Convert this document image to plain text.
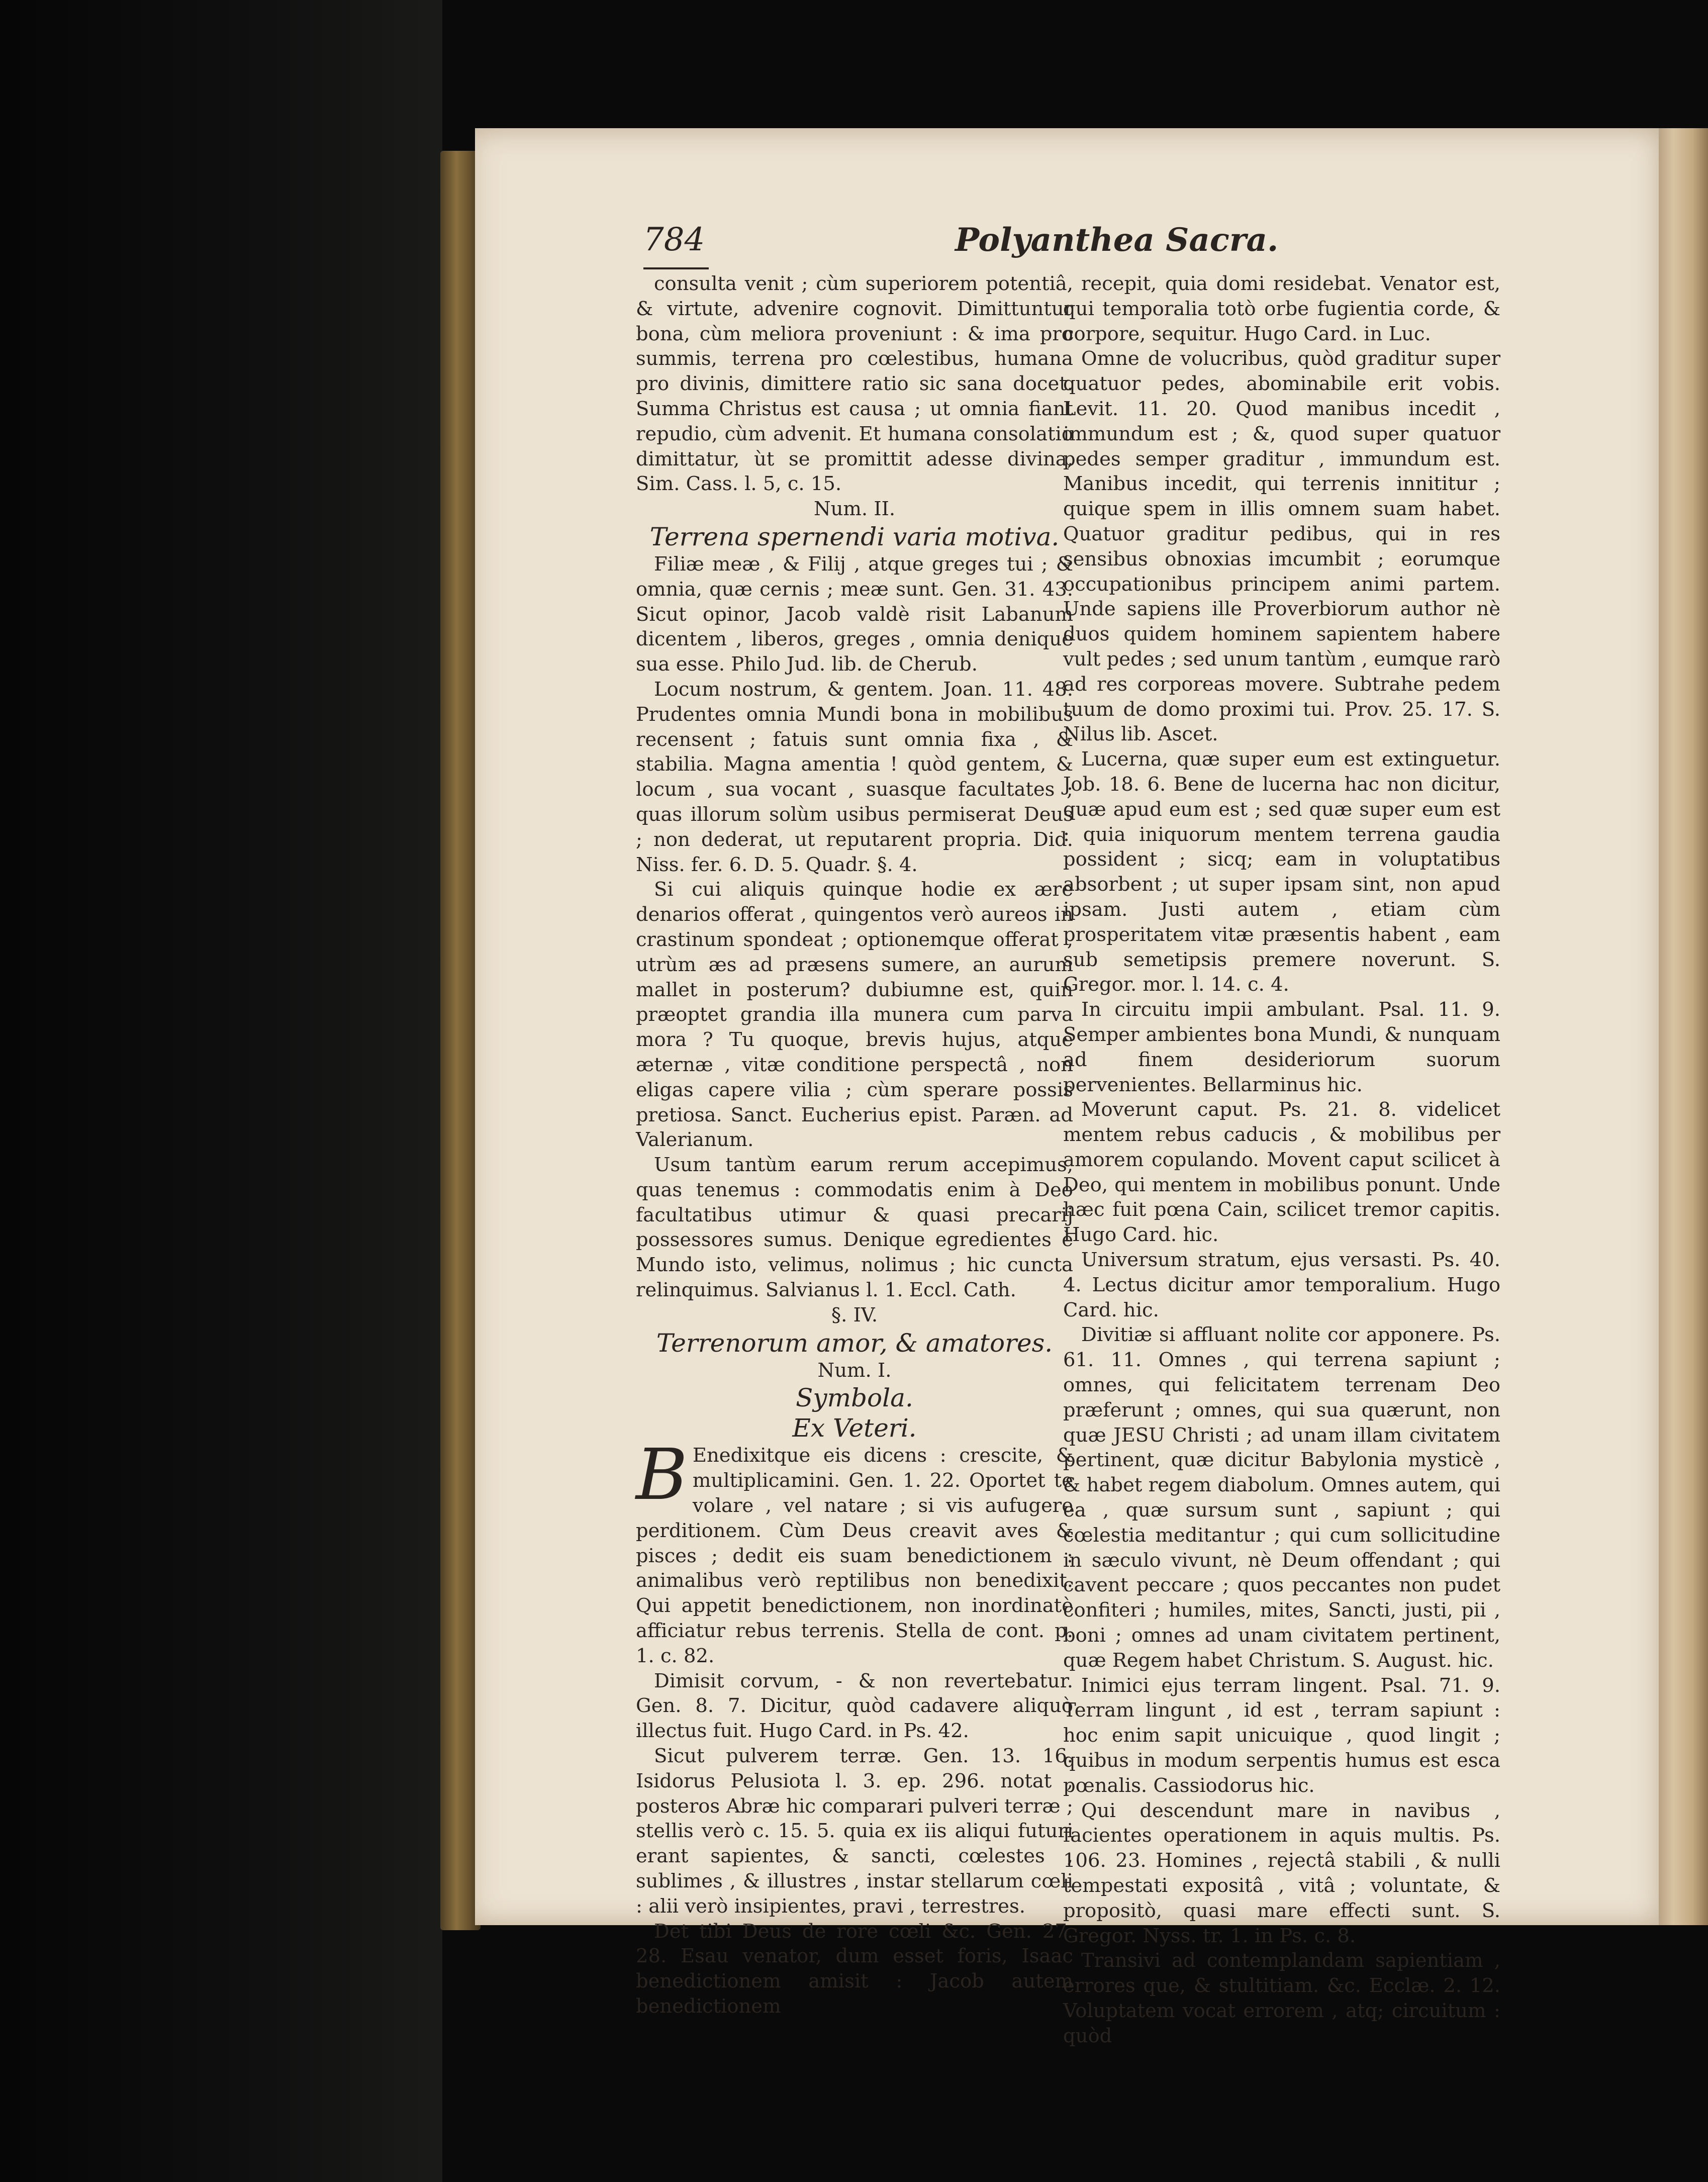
784	Polyanthea Sacra.

consulta venit ; cùm superiorem potentiâ, & virtute, advenire cognovit. Dimittuntur bona, cùm meliora proveniunt : & ima pro summis, terrena pro cœlestibus, humana pro divinis, dimittere ratio sic sana docet. Summa Christus est causa ; ut omnia fiant repudio, cùm advenit. Et humana consolatio dimittatur, ùt se promittit adesse divina, Sim. Cass. l. 5, c. 15.

Num. II.

Terrena spernendi varia motiva.

Filiæ meæ , & Filij , atque greges tui ; & omnia, quæ cernis ; meæ sunt. Gen. 31. 43. Sicut opinor, Jacob valdè risit Labanum dicentem , liberos, greges , omnia denique sua esse. Philo Jud. lib. de Cherub.

Locum nostrum, & gentem. Joan. 11. 48. Prudentes omnia Mundi bona in mobilibus recensent ; fatuis sunt omnia fixa , & stabilia. Magna amentia ! quòd gentem, & locum , sua vocant , suasque facultates ; quas illorum solùm usibus permiserat Deus ; non dederat, ut reputarent propria. Did. Niss. fer. 6. D. 5. Quadr. §. 4.

Si cui aliquis quinque hodie ex ære denarios offerat , quingentos verò aureos in crastinum spondeat ; optionemque offerat , utrùm æs ad præsens sumere, an aurum mallet in posterum? dubiumne est, quin præoptet grandia illa munera cum parva mora ? Tu quoque, brevis hujus, atque æternæ , vitæ conditione perspectâ , non eligas capere vilia ; cùm sperare possis pretiosa. Sanct. Eucherius epist. Paræn. ad Valerianum.

Usum tantùm earum rerum accepimus, quas tenemus : commodatis enim à Deo facultatibus utimur & quasi precarij possessores sumus. Denique egredientes è Mundo isto, velimus, nolimus ; hic cuncta relinquimus. Salvianus l. 1. Eccl. Cath.

§. IV.

Terrenorum amor, & amatores.

Num. I.

Symbola.

Ex Veteri.

B Enedixitque eis dicens : crescite, & multiplicamini. Gen. 1. 22. Oportet te volare , vel natare ; si vis aufugere perditionem. Cùm Deus creavit aves & pisces ; dedit eis suam benedictionem : animalibus verò reptilibus non benedixit. Qui appetit benedictionem, non inordinatè afficiatur rebus terrenis. Stella de cont. p. 1. c. 82.

Dimisit corvum, - & non revertebatur. Gen. 8. 7. Dicitur, quòd cadavere aliquò illectus fuit. Hugo Card. in Ps. 42.

Sicut pulverem terræ. Gen. 13. 16. Isidorus Pelusiota l. 3. ep. 296. notat , posteros Abræ hic comparari pulveri terræ ; stellis verò c. 15. 5. quia ex iis aliqui futuri erant sapientes, & sancti, cœlestes , sublimes , & illustres , instar stellarum cœli : alii verò insipientes, pravi , terrestres.

Det tibi Deus de rore cœli &c. Gen. 27. 28. Esau venator, dum esset foris, Isaac benedictionem amisit : Jacob autem benedictionem

recepit, quia domi residebat. Venator est, qui temporalia totò orbe fugientia corde, & corpore, sequitur. Hugo Card. in Luc.

Omne de volucribus, quòd graditur super quatuor pedes, abominabile erit vobis. Levit. 11. 20. Quod manibus incedit , immundum est ; &, quod super quatuor pedes semper graditur , immundum est. Manibus incedit, qui terrenis innititur ; quique spem in illis omnem suam habet. Quatuor graditur pedibus, qui in res sensibus obnoxias imcumbit ; eorumque occupationibus principem animi partem. Unde sapiens ille Proverbiorum author nè duos quidem hominem sapientem habere vult pedes ; sed unum tantùm , eumque rarò ad res corporeas movere. Subtrahe pedem tuum de domo proximi tui. Prov. 25. 17. S. Nilus lib. Ascet.

Lucerna, quæ super eum est extinguetur. Job. 18. 6. Bene de lucerna hac non dicitur, quæ apud eum est ; sed quæ super eum est : quia iniquorum mentem terrena gaudia possident ; sicq; eam in voluptatibus absorbent ; ut super ipsam sint, non apud ipsam. Justi autem , etiam cùm prosperitatem vitæ præsentis habent , eam sub semetipsis premere noverunt. S. Gregor. mor. l. 14. c. 4.

In circuitu impii ambulant. Psal. 11. 9. Semper ambientes bona Mundi, & nunquam ad finem desideriorum suorum pervenientes. Bellarminus hic.

Moverunt caput. Ps. 21. 8. videlicet mentem rebus caducis , & mobilibus per amorem copulando. Movent caput scilicet à Deo, qui mentem in mobilibus ponunt. Unde hæc fuit pœna Cain, scilicet tremor capitis. Hugo Card. hic.

Universum stratum, ejus versasti. Ps. 40. 4. Lectus dicitur amor temporalium. Hugo Card. hic.

Divitiæ si affluant nolite cor apponere. Ps. 61. 11. Omnes , qui terrena sapiunt ; omnes, qui felicitatem terrenam Deo præferunt ; omnes, qui sua quærunt, non quæ JESU Christi ; ad unam illam civitatem pertinent, quæ dicitur Babylonia mysticè , & habet regem diabolum. Omnes autem, qui ea , quæ sursum sunt , sapiunt ; qui cœlestia meditantur ; qui cum sollicitudine in sæculo vivunt, nè Deum offendant ; qui cavent peccare ; quos peccantes non pudet confiteri ; humiles, mites, Sancti, justi, pii , boni ; omnes ad unam civitatem pertinent, quæ Regem habet Christum. S. August. hic.

Inimici ejus terram lingent. Psal. 71. 9. Terram lingunt , id est , terram sapiunt : hoc enim sapit unicuique , quod lingit ; quibus in modum serpentis humus est esca pœnalis. Cassiodorus hic.

Qui descendunt mare in navibus , facientes operationem in aquis multis. Ps. 106. 23. Homines , rejectâ stabili , & nulli tempestati expositâ , vitâ ; voluntate, & propositò, quasi mare effecti sunt. S. Gregor. Nyss. tr. 1. in Ps. c. 8.

Transivi ad contemplandam sapientiam , errores que, & stultitiam. &c. Ecclæ. 2. 12. Voluptatem vocat errorem , atq; circuitum : quòd
